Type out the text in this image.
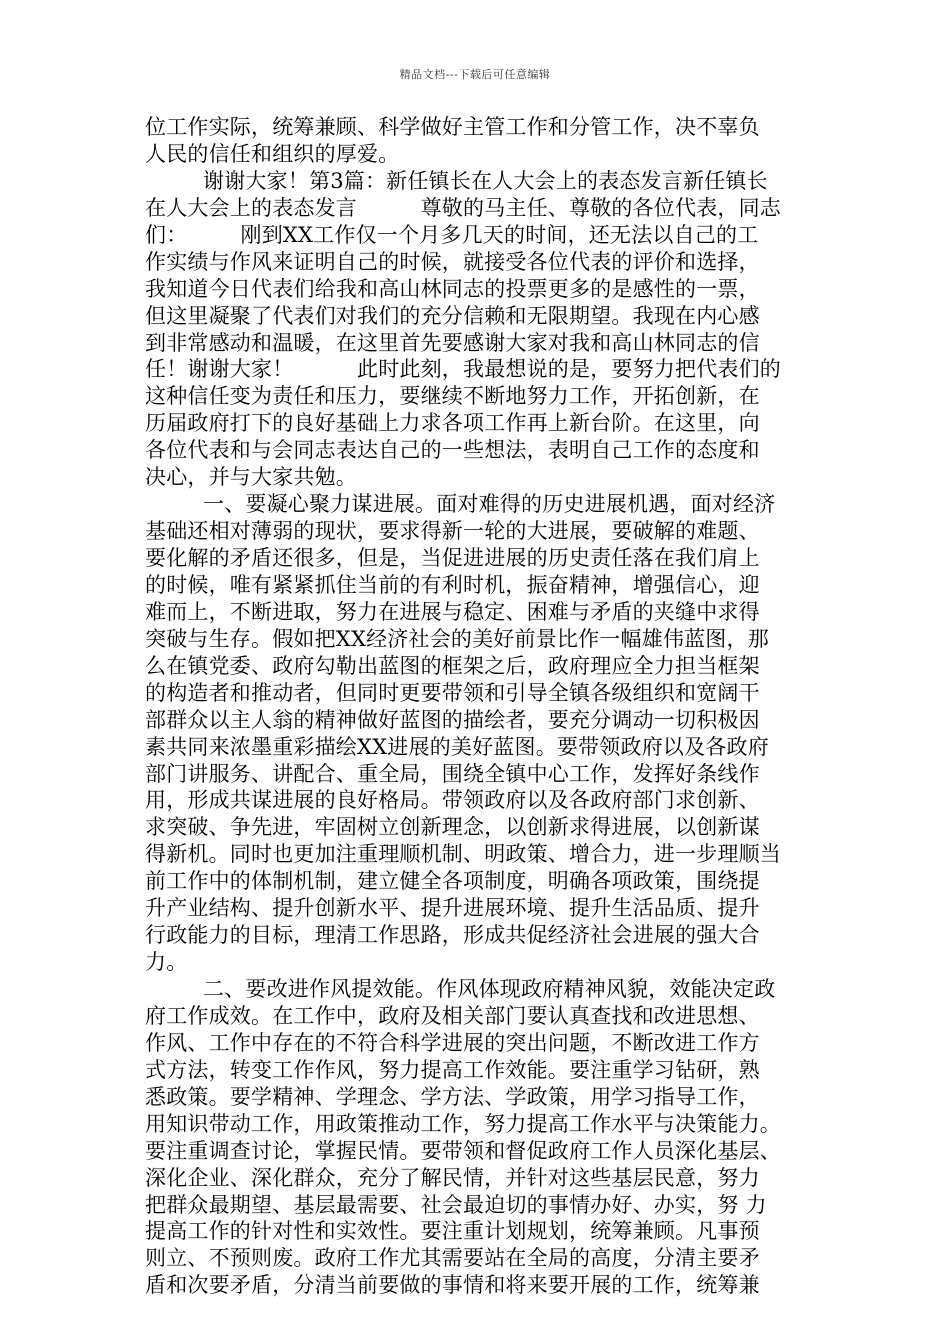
精品文档---下载后可任意编辑
位工作实际，统筹兼顾、科学做好主管工作和分管工作，决不辜负
人民的信任和组织的厚爱。
谢谢大家！第3篇：新任镇长在人大会上的表态发言新任镇长
在人大会上的表态发言　　　尊敬的马主任、尊敬的各位代表，同志
们：　　　刚到XX工作仅一个月多几天的时间，还无法以自己的工
作实绩与作风来证明自己的时候，就接受各位代表的评价和选择，
我知道今日代表们给我和高山林同志的投票更多的是感性的一票，
但这里凝聚了代表们对我们的充分信赖和无限期望。我现在内心感
到非常感动和温暖，在这里首先要感谢大家对我和高山林同志的信
任！谢谢大家！　　　此时此刻，我最想说的是，要努力把代表们的
这种信任变为责任和压力，要继续不断地努力工作，开拓创新，在
历届政府打下的良好基础上力求各项工作再上新台阶。在这里，向
各位代表和与会同志表达自己的一些想法，表明自己工作的态度和
决心，并与大家共勉。
一、要凝心聚力谋进展。面对难得的历史进展机遇，面对经济
基础还相对薄弱的现状，要求得新一轮的大进展，要破解的难题、
要化解的矛盾还很多，但是，当促进进展的历史责任落在我们肩上
的时候，唯有紧紧抓住当前的有利时机，振奋精神，增强信心，迎
难而上，不断进取，努力在进展与稳定、困难与矛盾的夹缝中求得
突破与生存。假如把XX经济社会的美好前景比作一幅雄伟蓝图，那
么在镇党委、政府勾勒出蓝图的框架之后，政府理应全力担当框架
的构造者和推动者，但同时更要带领和引导全镇各级组织和宽阔干
部群众以主人翁的精神做好蓝图的描绘者，要充分调动一切积极因
素共同来浓墨重彩描绘XX进展的美好蓝图。要带领政府以及各政府
部门讲服务、讲配合、重全局，围绕全镇中心工作，发挥好条线作
用，形成共谋进展的良好格局。带领政府以及各政府部门求创新、
求突破、争先进，牢固树立创新理念，以创新求得进展，以创新谋
得新机。同时也更加注重理顺机制、明政策、增合力，进一步理顺当
前工作中的体制机制，建立健全各项制度，明确各项政策，围绕提
升产业结构、提升创新水平、提升进展环境、提升生活品质、提升
行政能力的目标，理清工作思路，形成共促经济社会进展的强大合
力。
二、要改进作风提效能。作风体现政府精神风貌，效能决定政
府工作成效。在工作中，政府及相关部门要认真查找和改进思想、
作风、工作中存在的不符合科学进展的突出问题，不断改进工作方
式方法，转变工作作风，努力提高工作效能。要注重学习钻研，熟
悉政策。要学精神、学理念、学方法、学政策，用学习指导工作，
用知识带动工作，用政策推动工作，努力提高工作水平与决策能力。
要注重调查讨论，掌握民情。要带领和督促政府工作人员深化基层、
深化企业、深化群众，充分了解民情，并针对这些基层民意，努力
把群众最期望、基层最需要、社会最迫切的事情办好、办实，努 力
提高工作的针对性和实效性。要注重计划规划，统筹兼顾。凡事预
则立、不预则废。政府工作尤其需要站在全局的高度，分清主要矛
盾和次要矛盾，分清当前要做的事情和将来要开展的工作，统筹兼
